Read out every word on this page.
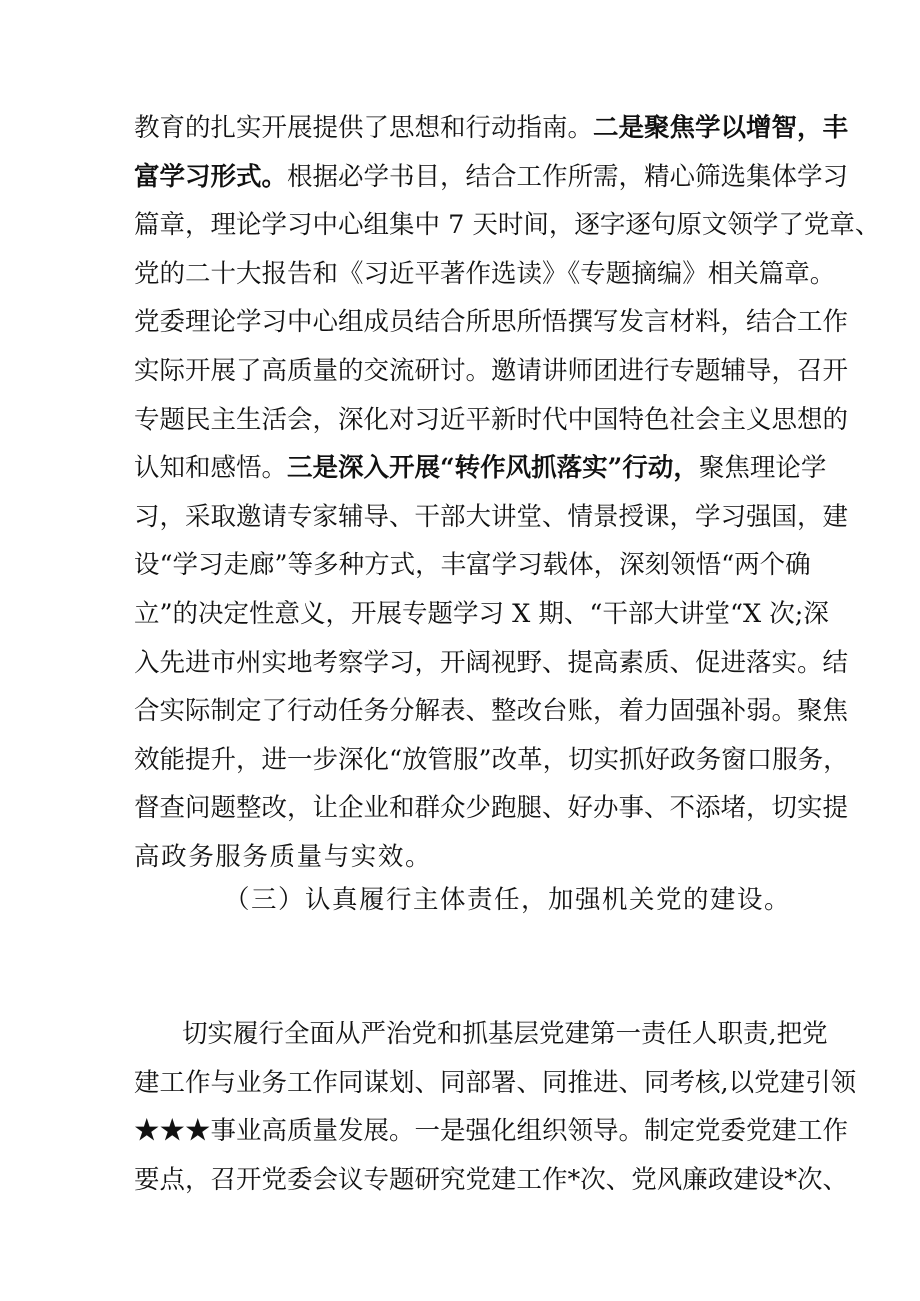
教育的扎实开展提供了思想和行动指南。二是聚焦学以增智，丰
富学习形式。根据必学书目，结合工作所需，精心筛选集体学习
篇章，理论学习中心组集中 7 天时间，逐字逐句原文领学了党章、
党的二十大报告和《习近平著作选读》《专题摘编》相关篇章。
党委理论学习中心组成员结合所思所悟撰写发言材料，结合工作
实际开展了高质量的交流研讨。邀请讲师团进行专题辅导，召开
专题民主生活会，深化对习近平新时代中国特色社会主义思想的
认知和感悟。三是深入开展“转作风抓落实”行动，聚焦理论学
习，采取邀请专家辅导、干部大讲堂、情景授课，学习强国，建
设“学习走廊”等多种方式，丰富学习载体，深刻领悟“两个确
立”的决定性意义，开展专题学习 X 期、“干部大讲堂“X 次;深
入先进市州实地考察学习，开阔视野、提高素质、促进落实。结
合实际制定了行动任务分解表、整改台账，着力固强补弱。聚焦
效能提升，进一步深化“放管服”改革，切实抓好政务窗口服务，
督查问题整改，让企业和群众少跑腿、好办事、不添堵，切实提
高政务服务质量与实效。
（三）认真履行主体责任，加强机关党的建设。
切实履行全面从严治党和抓基层党建第一责任人职责,把党
建工作与业务工作同谋划、同部署、同推进、同考核,以党建引领
★★★事业高质量发展。一是强化组织领导。制定党委党建工作
要点，召开党委会议专题研究党建工作*次、党风廉政建设*次、
